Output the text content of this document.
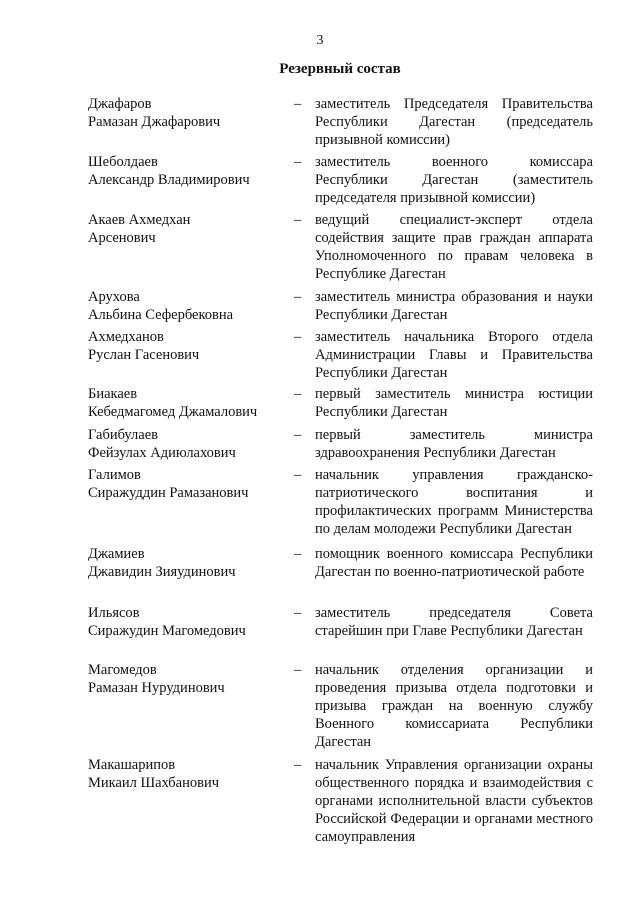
3
Резервный состав
Джафаров
Рамазан Джафарович
– заместитель Председателя Правительства Республики Дагестан (председатель призывной комиссии)
Шеболдаев
Александр Владимирович
– заместитель военного комиссара Республики Дагестан (заместитель председателя призывной комиссии)
Акаев Ахмедхан
Арсенович
– ведущий специалист-эксперт отдела содействия защите прав граждан аппарата Уполномоченного по правам человека в Республике Дагестан
Арухова
Альбина Сефербековна
– заместитель министра образования и науки Республики Дагестан
Ахмедханов
Руслан Гасенович
– заместитель начальника Второго отдела Администрации Главы и Правительства Республики Дагестан
Биакаев
Кебедмагомед Джамалович
– первый заместитель министра юстиции Республики Дагестан
Габибулаев
Фейзулах Адиюлахович
– первый заместитель министра здравоохранения Республики Дагестан
Галимов
Сиражуддин Рамазанович
– начальник управления гражданско-патриотического воспитания и профилактических программ Министерства по делам молодежи Республики Дагестан
Джамиев
Джавидин Зияудинович
– помощник военного комиссара Республики Дагестан по военно-патриотической работе
Ильясов
Сиражудин Магомедович
– заместитель председателя Совета старейшин при Главе Республики Дагестан
Магомедов
Рамазан Нурудинович
– начальник отделения организации и проведения призыва отдела подготовки и призыва граждан на военную службу Военного комиссариата Республики Дагестан
Макашарипов
Микаил Шахбанович
– начальник Управления организации охраны общественного порядка и взаимодействия с органами исполнительной власти субъектов Российской Федерации и органами местного самоуправления
